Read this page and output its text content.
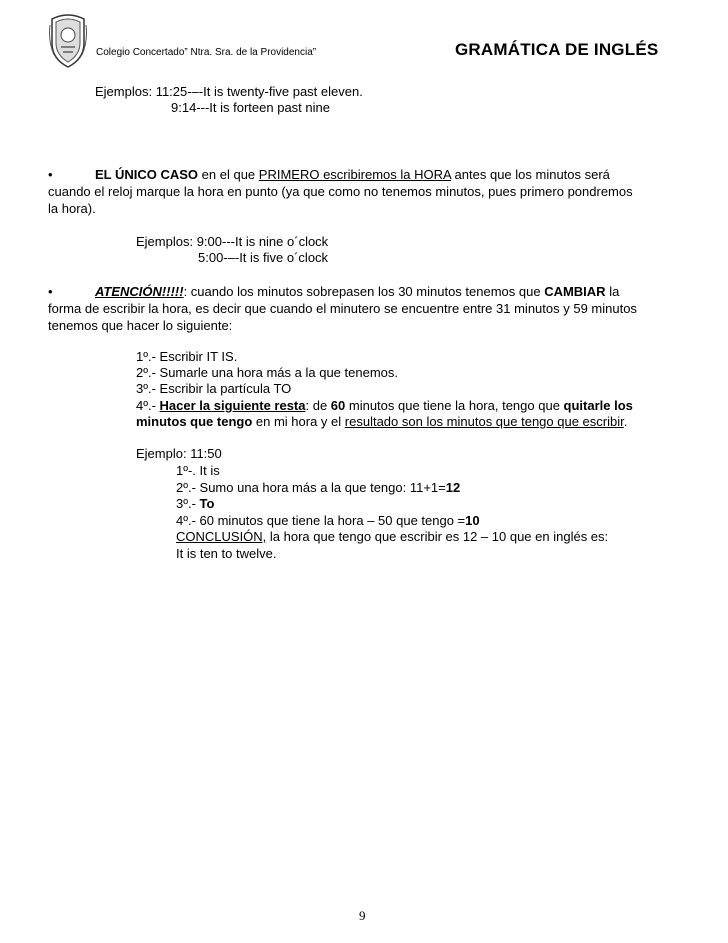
Colegio Concertado” Ntra. Sra. de la Providencia”	GRAMÁTICA DE INGLÉS
Ejemplos: 11:25-–-It is twenty-five past eleven.
9:14---It is forteen past nine
•	EL ÚNICO CASO en el que PRIMERO escribiremos la HORA antes que los minutos será

cuando el reloj marque la hora en punto (ya que como no tenemos minutos, pues primero pondremos

la hora).

Ejemplos: 9:00---It is nine o´clock
5:00-–-It is five o´clock
•	ATENCIÓN!!!!!: cuando los minutos sobrepasen los 30 minutos tenemos que CAMBIAR la

forma de escribir la hora, es decir que cuando el minutero se encuentre entre 31 minutos y 59 minutos

tenemos que hacer lo siguiente:

1º.- Escribir IT IS.
2º.- Sumarle una hora más a la que tenemos.
3º.- Escribir la partícula TO
4º.- Hacer la siguiente resta: de 60 minutos que tiene la hora, tengo que quitarle los
minutos que tengo en mi hora y el resultado son los minutos que tengo que escribir.
Ejemplo: 11:50
1º-. It is
2º.- Sumo una hora más a la que tengo: 11+1=12
3º.- To
4º.- 60 minutos que tiene la hora – 50 que tengo =10
CONCLUSIÓN, la hora que tengo que escribir es 12 – 10 que en inglés es:
It is ten to twelve.
9
